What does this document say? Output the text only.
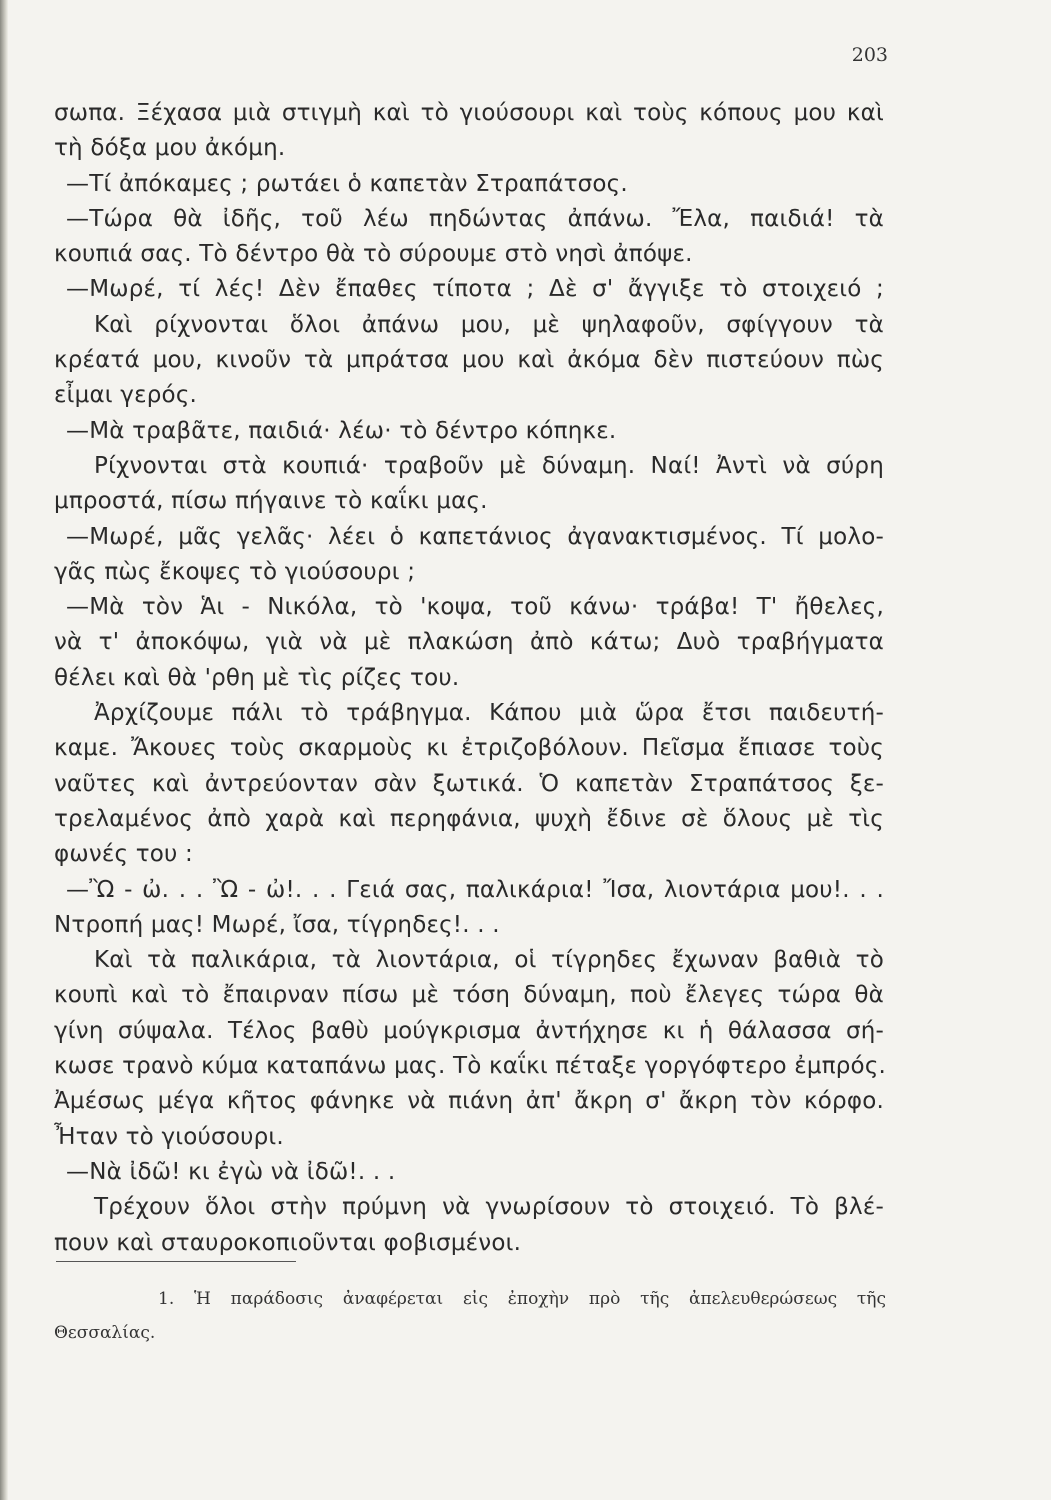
203
σωπα. Ξέχασα μιὰ στιγμὴ καὶ τὸ γιούσουρι καὶ τοὺς κόπους μου καὶ
τὴ δόξα μου ἀκόμη.
—Τί ἀπόκαμες ; ρωτάει ὁ καπετὰν Στραπάτσος.
—Τώρα θὰ ἰδῆς, τοῦ λέω πηδώντας ἀπάνω. Ἔλα, παιδιά! τὰ
κουπιά σας. Τὸ δέντρο θὰ τὸ σύρουμε στὸ νησὶ ἀπόψε.
—Μωρέ, τί λές! Δὲν ἔπαθες τίποτα ; Δὲ σ' ἄγγιξε τὸ στοιχειό ;
Καὶ ρίχνονται ὅλοι ἀπάνω μου, μὲ ψηλαφοῦν, σφίγγουν τὰ
κρέατά μου, κινοῦν τὰ μπράτσα μου καὶ ἀκόμα δὲν πιστεύουν πὼς
εἶμαι γερός.
—Μὰ τραβᾶτε, παιδιά· λέω· τὸ δέντρο κόπηκε.
Ρίχνονται στὰ κουπιά· τραβοῦν μὲ δύναμη. Ναί! Ἀντὶ νὰ σύρη
μπροστά, πίσω πήγαινε τὸ καΐκι μας.
—Μωρέ, μᾶς γελᾶς· λέει ὁ καπετάνιος ἀγανακτισμένος. Τί μολο-
γᾶς πὼς ἔκοψες τὸ γιούσουρι ;
—Μὰ τὸν Ἁι - Νικόλα, τὸ 'κοψα, τοῦ κάνω· τράβα! Τ' ἤθελες,
νὰ τ' ἀποκόψω, γιὰ νὰ μὲ πλακώση ἀπὸ κάτω; Δυὸ τραβήγματα
θέλει καὶ θὰ 'ρθη μὲ τὶς ρίζες του.
Ἀρχίζουμε πάλι τὸ τράβηγμα. Κάπου μιὰ ὥρα ἔτσι παιδευτή-
καμε. Ἄκουες τοὺς σκαρμοὺς κι ἐτριζοβόλουν. Πεῖσμα ἔπιασε τοὺς
ναῦτες καὶ ἀντρεύονταν σὰν ξωτικά. Ὁ καπετὰν Στραπάτσος ξε-
τρελαμένος ἀπὸ χαρὰ καὶ περηφάνια, ψυχὴ ἔδινε σὲ ὅλους μὲ τὶς
φωνές του :
—Ὢ - ὠ. . . Ὢ - ὠ!. . . Γειά σας, παλικάρια! Ἴσα, λιοντάρια μου!. . .
Ντροπή μας! Μωρέ, ἴσα, τίγρηδες!. . .
Καὶ τὰ παλικάρια, τὰ λιοντάρια, οἱ τίγρηδες ἔχωναν βαθιὰ τὸ
κουπὶ καὶ τὸ ἔπαιρναν πίσω μὲ τόση δύναμη, ποὺ ἔλεγες τώρα θὰ
γίνη σύψαλα. Τέλος βαθὺ μούγκρισμα ἀντήχησε κι ἡ θάλασσα σή-
κωσε τρανὸ κύμα καταπάνω μας. Τὸ καΐκι πέταξε γοργόφτερο ἐμπρός.
Ἀμέσως μέγα κῆτος φάνηκε νὰ πιάνη ἀπ' ἄκρη σ' ἄκρη τὸν κόρφο.
Ἦταν τὸ γιούσουρι.
—Νὰ ἰδῶ! κι ἐγὼ νὰ ἰδῶ!. . .
Τρέχουν ὅλοι στὴν πρύμνη νὰ γνωρίσουν τὸ στοιχειό. Τὸ βλέ-
πουν καὶ σταυροκοπιοῦνται φοβισμένοι.
1. Ἡ παράδοσις ἀναφέρεται εἰς ἐποχὴν πρὸ τῆς ἀπελευθερώσεως τῆς
Θεσσαλίας.
